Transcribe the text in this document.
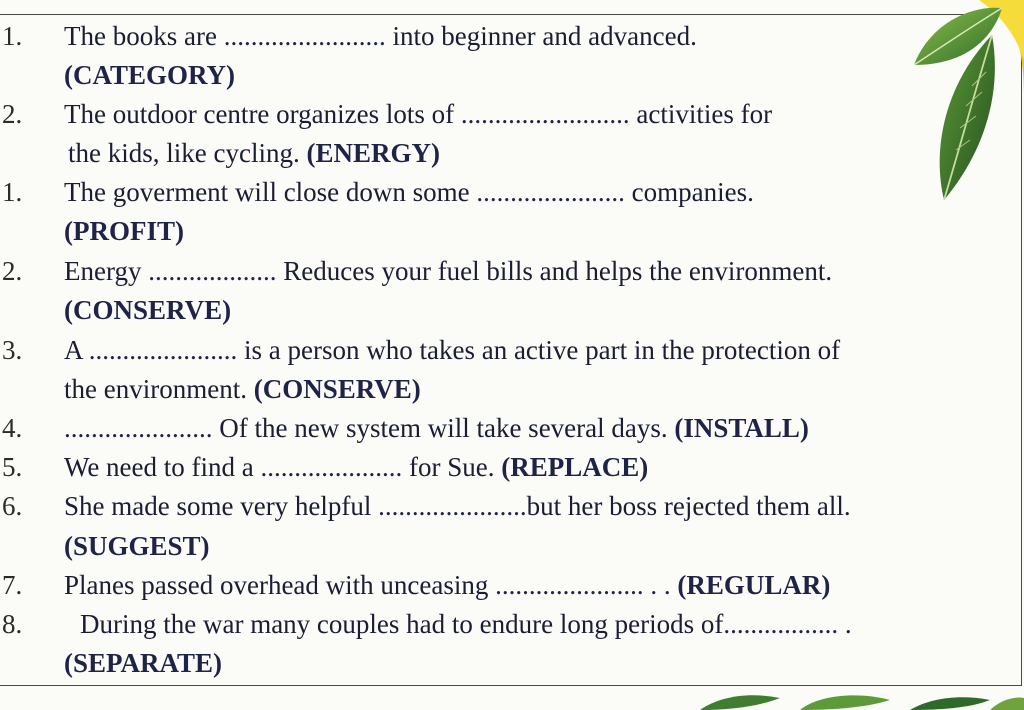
1.	The books are ........................ into beginner and advanced.
(CATEGORY)
2.	The outdoor centre organizes lots of ......................... activities for
the kids, like cycling. (ENERGY)
1.	The goverment will close down some ...................... companies.
(PROFIT)
2.	Energy ................... Reduces your fuel bills and helps the environment.
(CONSERVE)
3.	A ...................... is a person who takes an active part in the protection of
the environment. (CONSERVE)
4.	...................... Of the new system will take several days. (INSTALL)
5.	We need to find a ..................... for Sue. (REPLACE)
6.	She made some very helpful ......................but her boss rejected them all.
(SUGGEST)
7.	Planes passed overhead with unceasing ...................... . . (REGULAR)
8.	During the war many couples had to endure long periods of................. .
(SEPARATE)
